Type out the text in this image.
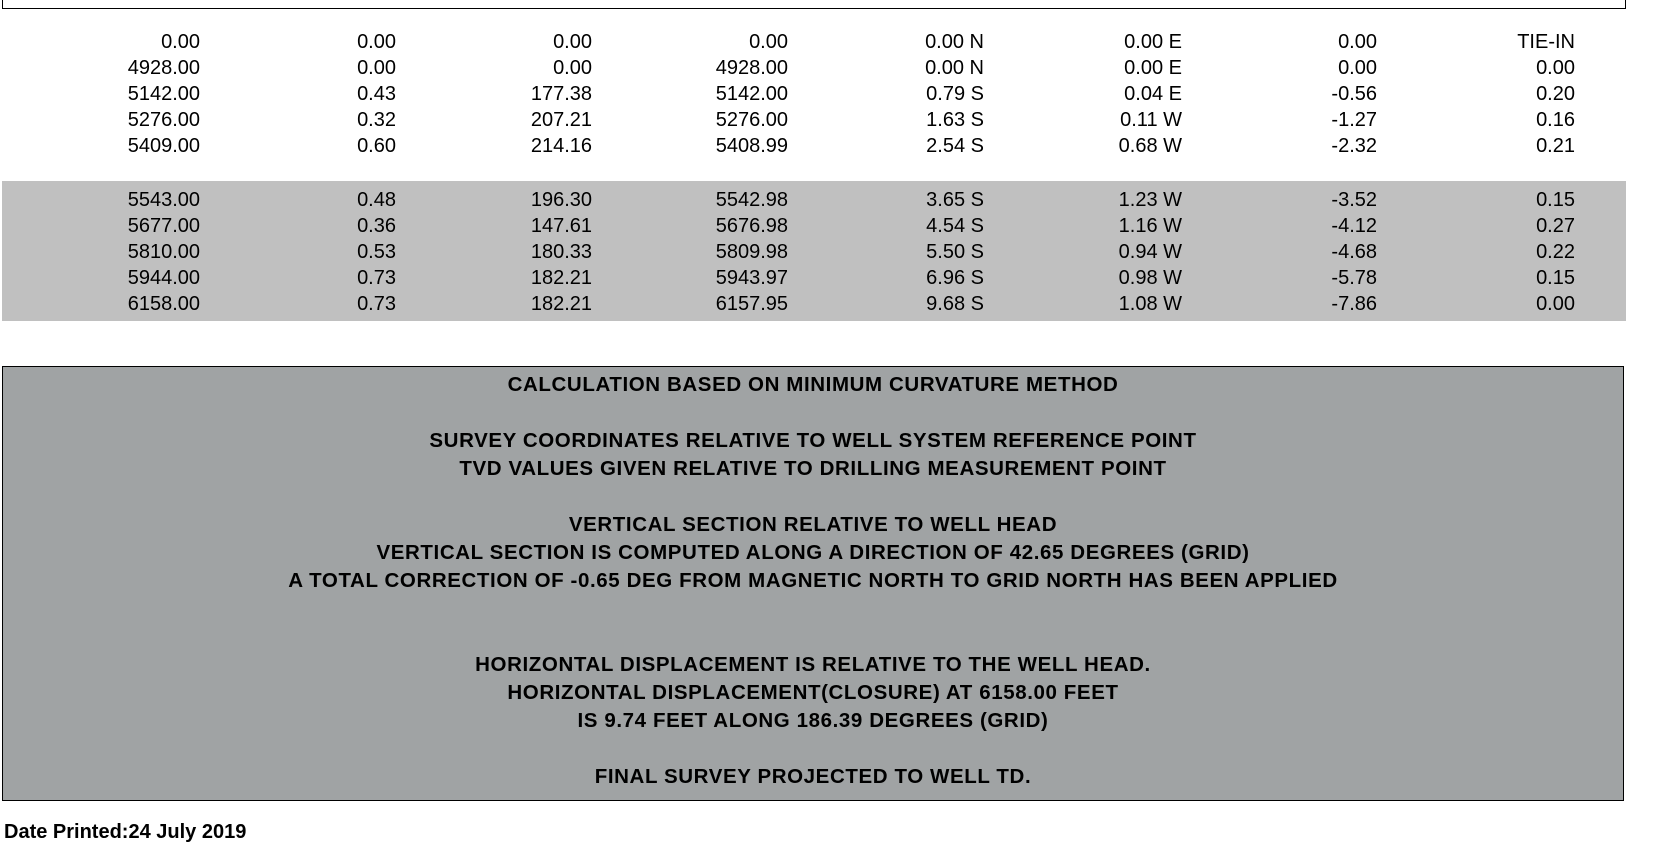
0.00	0.00	0.00	0.00	0.00 N	0.00 E	0.00	TIE-IN
4928.00	0.00	0.00	4928.00	0.00 N	0.00 E	0.00	0.00
5142.00	0.43	177.38	5142.00	0.79 S	0.04 E	-0.56	0.20
5276.00	0.32	207.21	5276.00	1.63 S	0.11 W	-1.27	0.16
5409.00	0.60	214.16	5408.99	2.54 S	0.68 W	-2.32	0.21
5543.00	0.48	196.30	5542.98	3.65 S	1.23 W	-3.52	0.15
5677.00	0.36	147.61	5676.98	4.54 S	1.16 W	-4.12	0.27
5810.00	0.53	180.33	5809.98	5.50 S	0.94 W	-4.68	0.22
5944.00	0.73	182.21	5943.97	6.96 S	0.98 W	-5.78	0.15
6158.00	0.73	182.21	6157.95	9.68 S	1.08 W	-7.86	0.00
CALCULATION BASED ON MINIMUM CURVATURE METHOD
SURVEY COORDINATES RELATIVE TO WELL SYSTEM REFERENCE POINT
TVD VALUES GIVEN RELATIVE TO DRILLING MEASUREMENT POINT
VERTICAL SECTION RELATIVE TO WELL HEAD
VERTICAL SECTION IS COMPUTED ALONG A DIRECTION OF 42.65 DEGREES (GRID)
A TOTAL CORRECTION OF -0.65 DEG FROM MAGNETIC NORTH TO GRID NORTH HAS BEEN APPLIED
HORIZONTAL DISPLACEMENT IS RELATIVE TO THE WELL HEAD.
HORIZONTAL DISPLACEMENT(CLOSURE) AT 6158.00 FEET
IS 9.74 FEET ALONG 186.39 DEGREES (GRID)
FINAL SURVEY PROJECTED TO WELL TD.
Date Printed:24 July 2019
